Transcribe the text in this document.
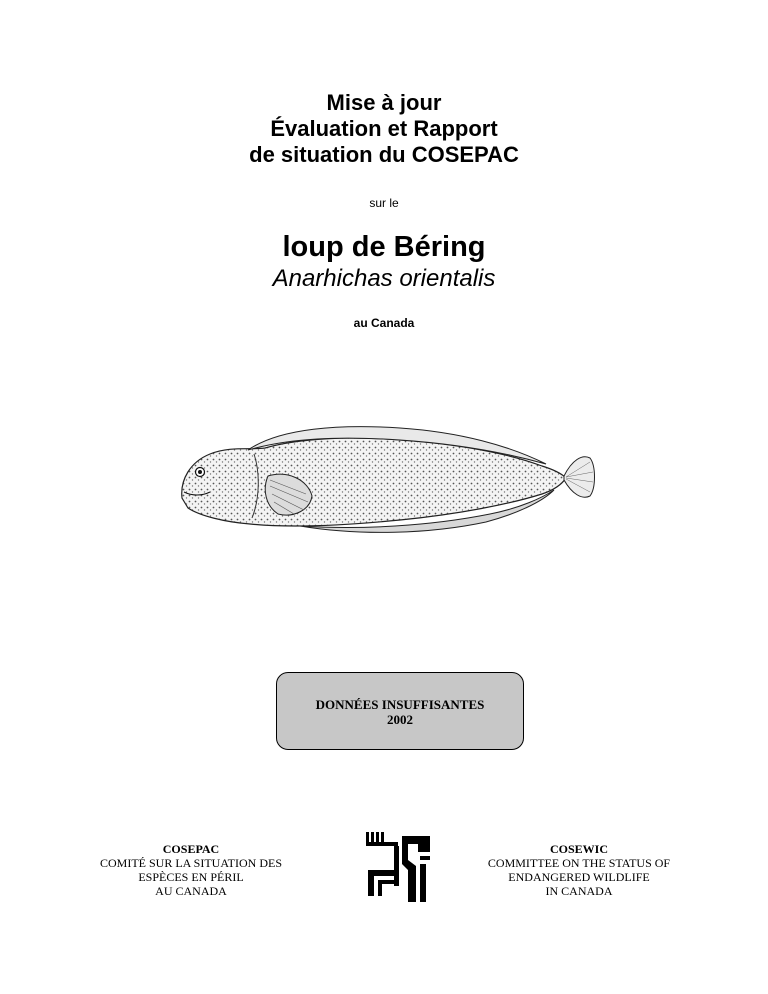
Mise à jour

Évaluation et Rapport

de situation du COSEPAC

sur le
loup de Béring
Anarhichas orientalis
au Canada
DONNÉES INSUFFISANTES
2002
COSEPAC
COMITÉ SUR LA SITUATION DES
ESPÈCES EN PÉRIL
AU CANADA
COSEWIC
COMMITTEE ON THE STATUS OF
ENDANGERED WILDLIFE
IN CANADA
